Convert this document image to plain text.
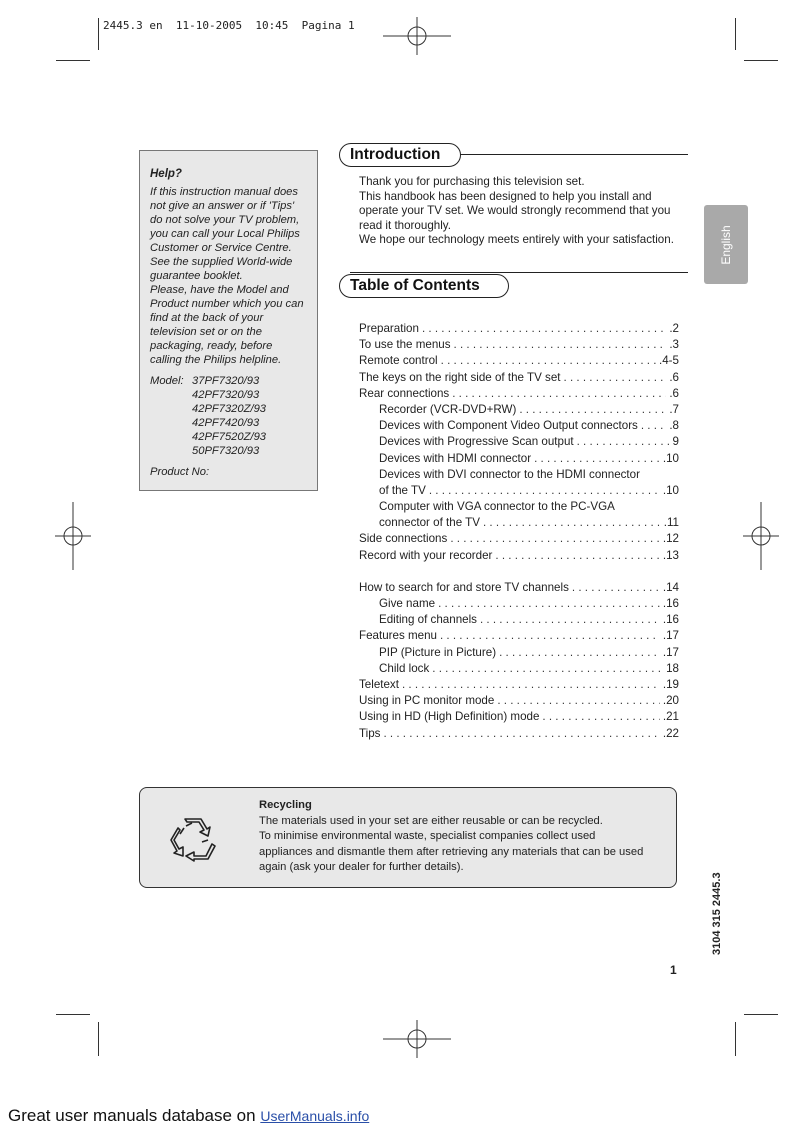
2445.3 en  11-10-2005  10:45  Pagina 1
Help?

If this instruction manual does not give an answer or if 'Tips' do not solve your TV problem, you can call your Local Philips Customer or Service Centre. See the supplied World-wide guarantee booklet.

Please, have the Model and Product number which you can find at the back of your television set or on the packaging, ready, before calling the Philips helpline.

Model: 37PF7320/93
42PF7320/93
42PF7320Z/93
42PF7420/93
42PF7520Z/93
50PF7320/93
Product No:
Introduction
Thank you for purchasing this television set.
This handbook has been designed to help you install and
operate your TV set. We would strongly recommend that you
read it thoroughly.
We hope our technology meets entirely with your satisfaction.
Table of Contents
Preparation . . .	.2
To use the menus . . .	.3
Remote control . . .	.4-5
The keys on the right side of the TV set . . .	.6
Rear connections . . .	.6
Recorder (VCR-DVD+RW) . . .	.7
Devices with Component Video Output connectors . . .	.8
Devices with Progressive Scan output . . .	9
Devices with HDMI connector . . .	.10
Devices with DVI connector to the HDMI connector
of the TV . . .	.10
Computer with VGA connector to the PC-VGA
connector of the TV . . .	.11
Side connections . . .	.12
Record with your recorder . . .	.13
How to search for and store TV channels . . .	.14
Give name . . .	.16
Editing of channels . . .	.16
Features menu . . .	.17
PIP (Picture in Picture) . . .	.17
Child lock . . .	18
Teletext . . .	.19
Using in PC monitor mode . . .	.20
Using in HD (High Definition) mode . . .	.21
Tips . . .	.22
English
Recycling
The materials used in your set are either reusable or can be recycled.
To minimise environmental waste, specialist companies collect used
appliances and dismantle them after retrieving any materials that can be used
again (ask your dealer for further details).
3104 315 2445.3
1
Great user manuals database on UserManuals.info
